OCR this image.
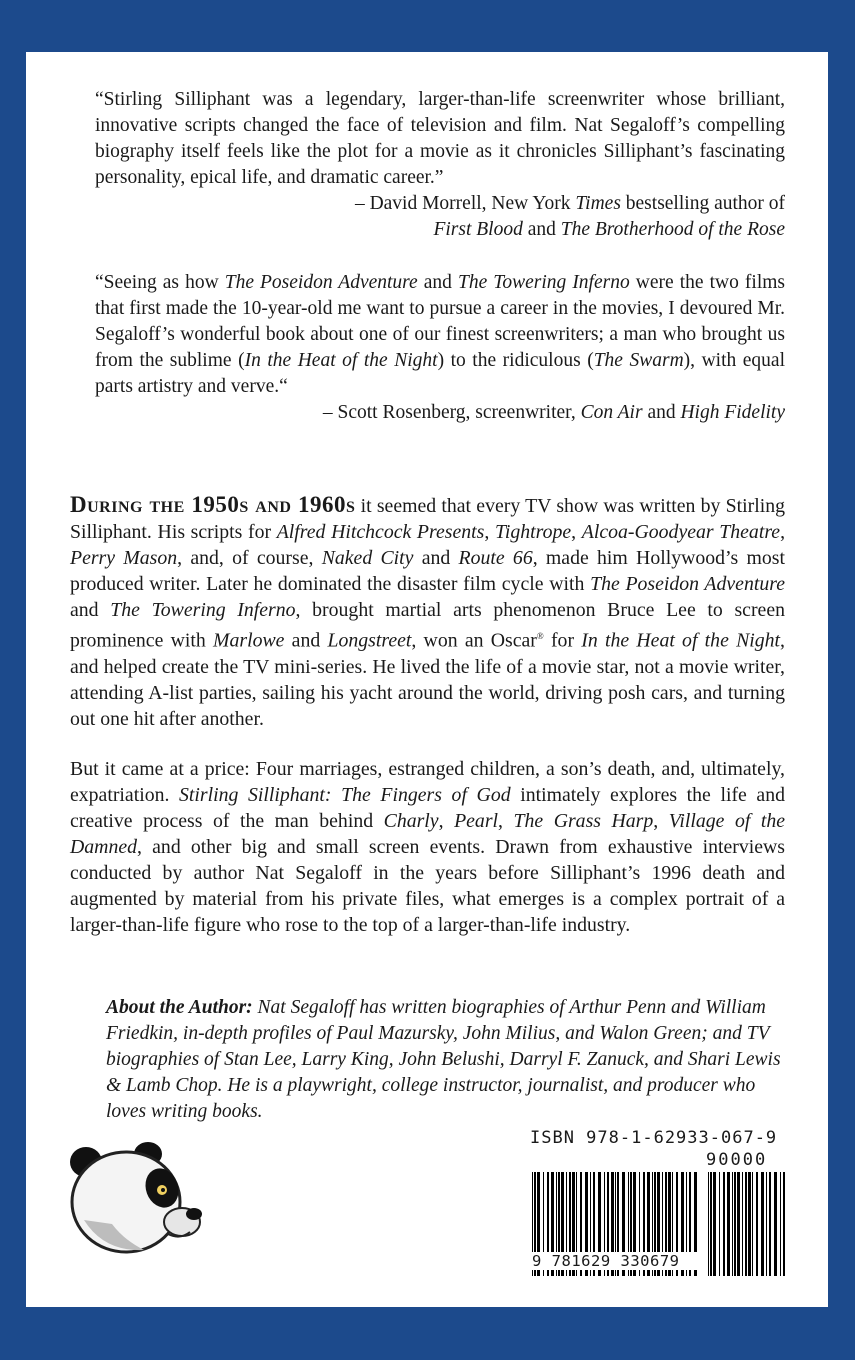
“Stirling Silliphant was a legendary, larger-than-life screenwriter whose brilliant, innovative scripts changed the face of television and film. Nat Segaloff’s compelling biography itself feels like the plot for a movie as it chronicles Silliphant’s fascinating personality, epical life, and dramatic career.”

– David Morrell, New York Times bestselling author of

First Blood and The Brotherhood of the Rose

“Seeing as how The Poseidon Adventure and The Towering Inferno were the two films that first made the 10-year-old me want to pursue a career in the movies, I devoured Mr. Segaloff’s wonderful book about one of our finest screenwriters; a man who brought us from the sublime (In the Heat of the Night) to the ridiculous (The Swarm), with equal parts artistry and verve.“

– Scott Rosenberg, screenwriter, Con Air and High Fidelity

During the 1950s and 1960s it seemed that every TV show was written by Stirling Silliphant. His scripts for Alfred Hitchcock Presents, Tightrope, Alcoa-Goodyear Theatre, Perry Mason, and, of course, Naked City and Route 66, made him Hollywood’s most produced writer. Later he dominated the disaster film cycle with The Poseidon Adventure and The Towering Inferno, brought martial arts phenomenon Bruce Lee to screen prominence with Marlowe and Longstreet, won an Oscar® for In the Heat of the Night, and helped create the TV mini-series. He lived the life of a movie star, not a movie writer, attending A-list parties, sailing his yacht around the world, driving posh cars, and turning out one hit after another.

But it came at a price: Four marriages, estranged children, a son’s death, and, ultimately, expatriation. Stirling Silliphant: The Fingers of God intimately explores the life and creative process of the man behind Charly, Pearl, The Grass Harp, Village of the Damned, and other big and small screen events. Drawn from exhaustive interviews conducted by author Nat Segaloff in the years before Silliphant’s 1996 death and augmented by material from his private files, what emerges is a complex portrait of a larger-than-life figure who rose to the top of a larger-than-life industry.

About the Author: Nat Segaloff has written biographies of Arthur Penn and William Friedkin, in-depth profiles of Paul Mazursky, John Milius, and Walon Green; and TV biographies of Stan Lee, Larry King, John Belushi, Darryl F. Zanuck, and Shari Lewis & Lamb Chop. He is a playwright, college instructor, journalist, and producer who loves writing books.
ISBN 978-1-62933-067-9
90000
9 781629 330679
